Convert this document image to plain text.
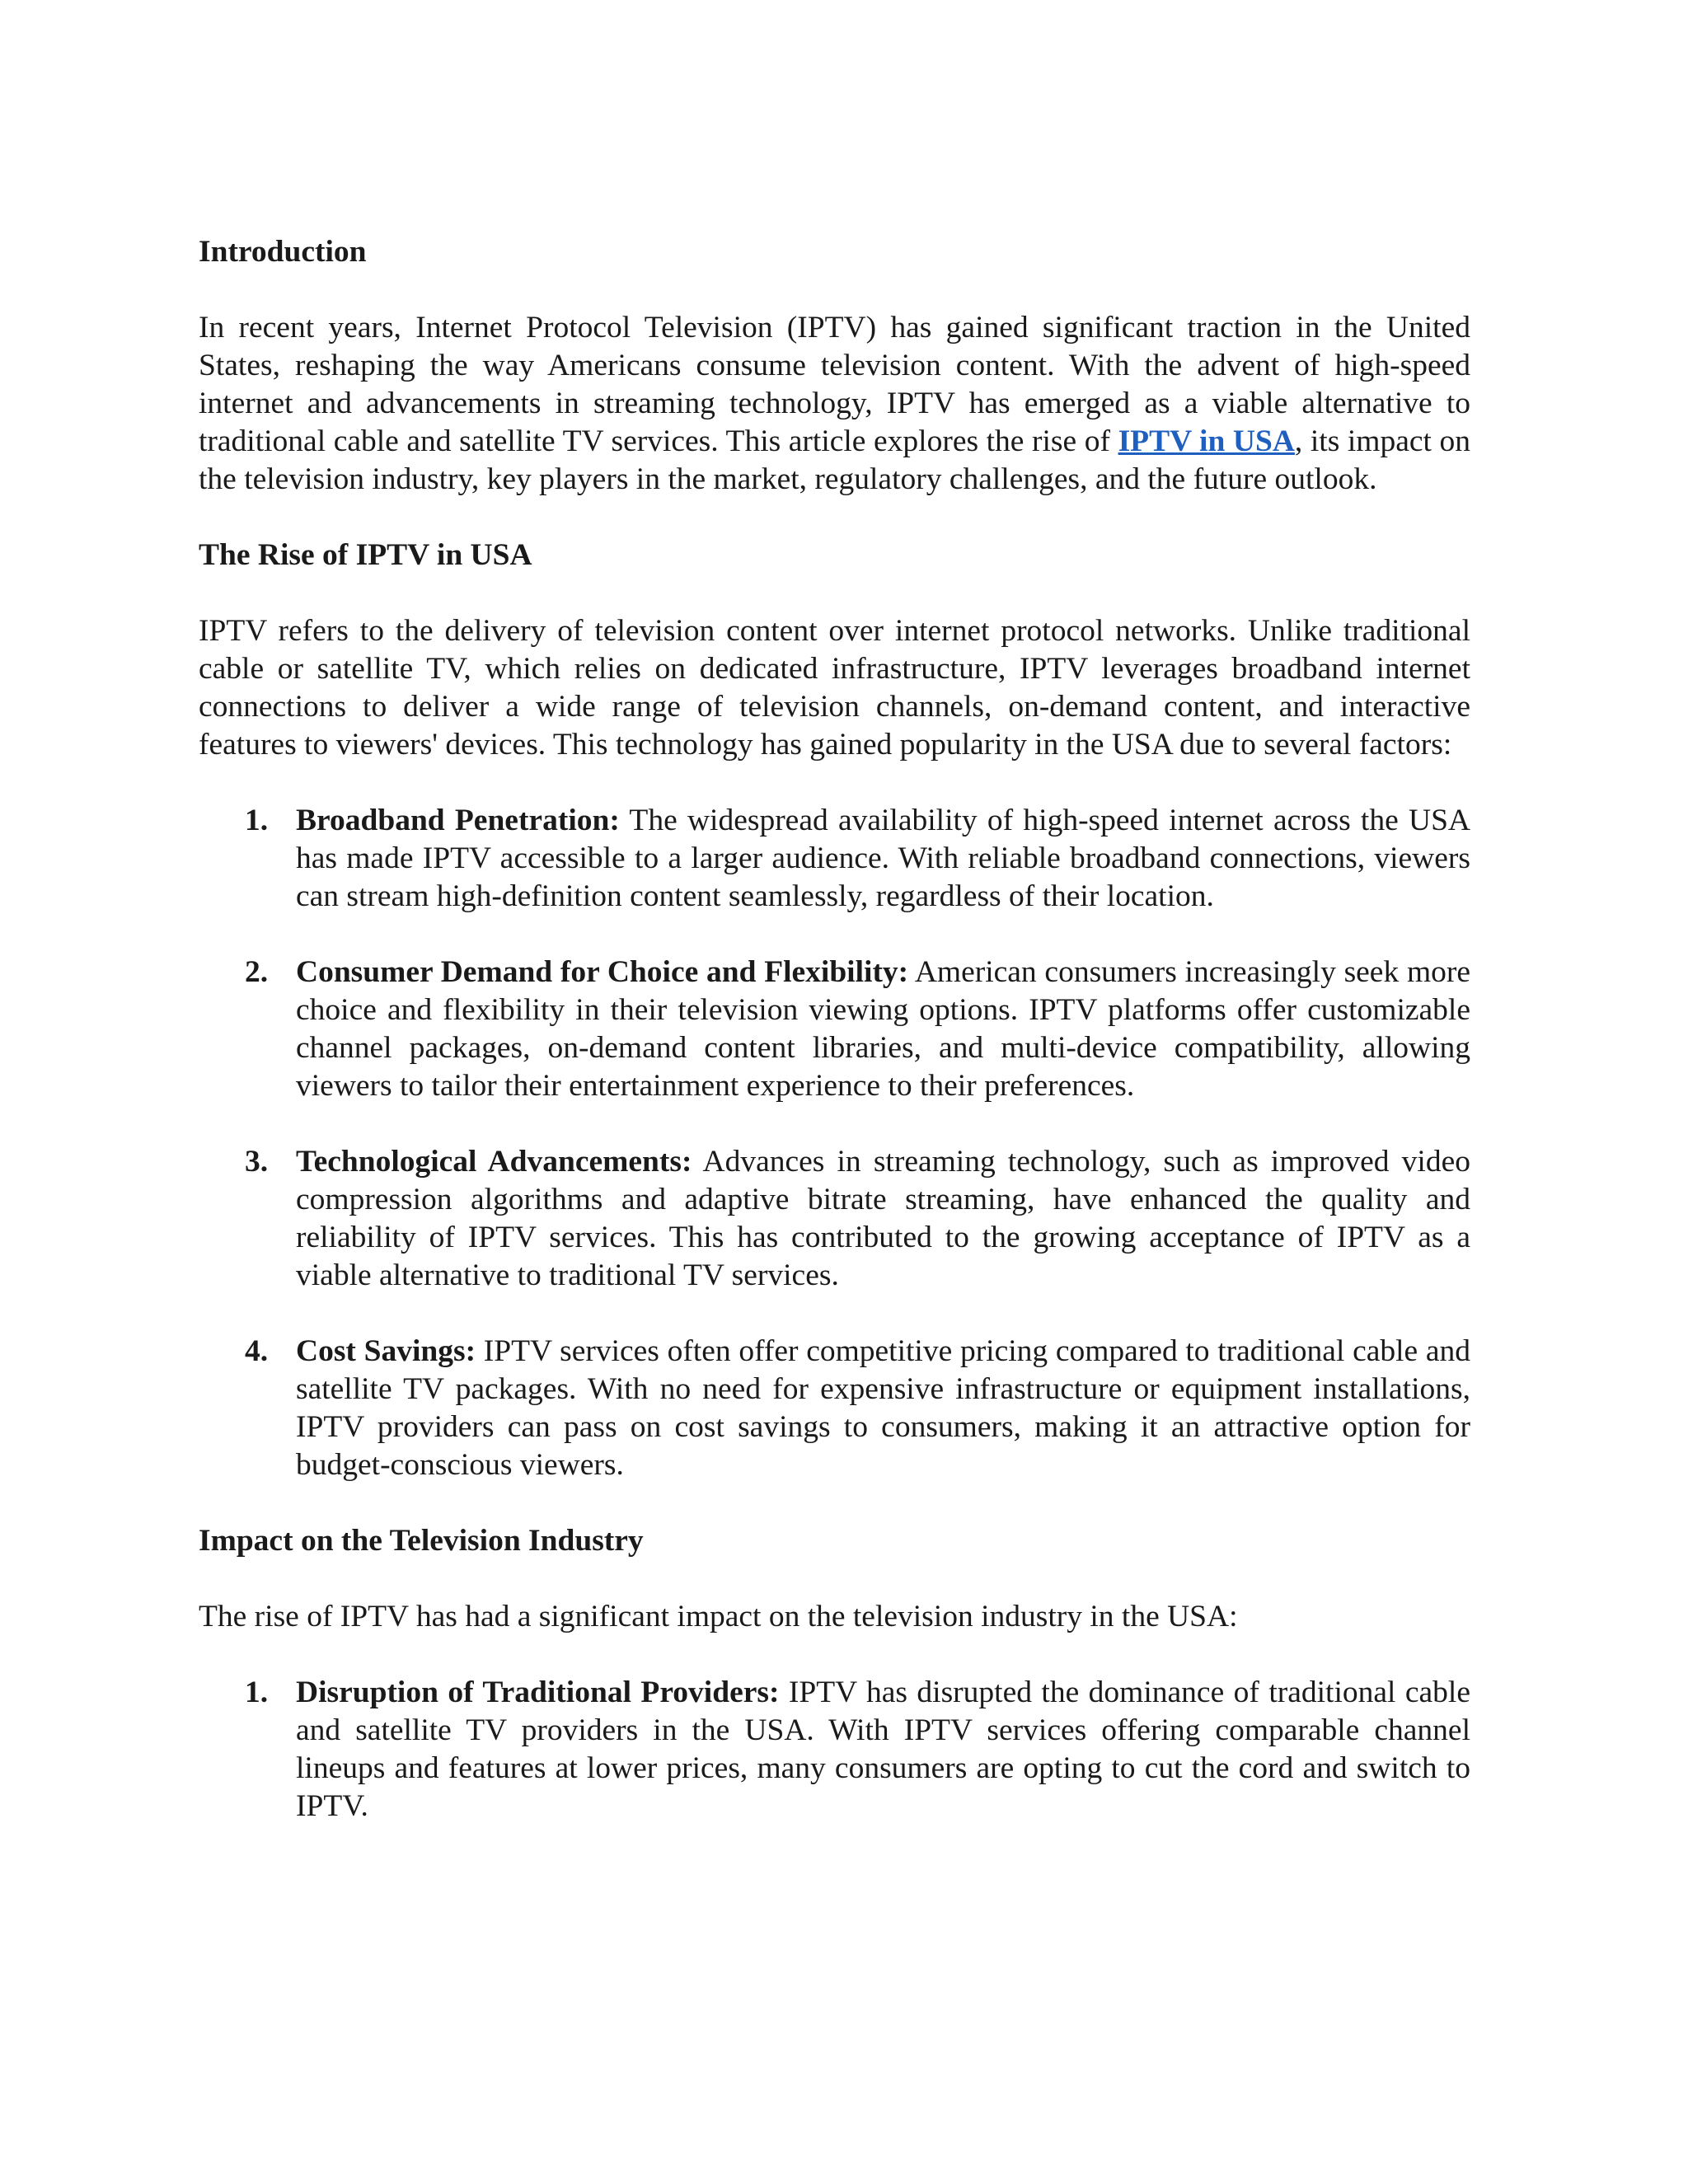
Introduction

In recent years, Internet Protocol Television (IPTV) has gained significant traction in the United States, reshaping the way Americans consume television content. With the advent of high-speed internet and advancements in streaming technology, IPTV has emerged as a viable alternative to traditional cable and satellite TV services. This article explores the rise of IPTV in USA, its impact on the television industry, key players in the market, regulatory challenges, and the future outlook.

The Rise of IPTV in USA

IPTV refers to the delivery of television content over internet protocol networks. Unlike traditional cable or satellite TV, which relies on dedicated infrastructure, IPTV leverages broadband internet connections to deliver a wide range of television channels, on-demand content, and interactive features to viewers' devices. This technology has gained popularity in the USA due to several factors:

1. Broadband Penetration: The widespread availability of high-speed internet across the USA has made IPTV accessible to a larger audience. With reliable broadband connections, viewers can stream high-definition content seamlessly, regardless of their location.
2. Consumer Demand for Choice and Flexibility: American consumers increasingly seek more choice and flexibility in their television viewing options. IPTV platforms offer customizable channel packages, on-demand content libraries, and multi-device compatibility, allowing viewers to tailor their entertainment experience to their preferences.
3. Technological Advancements: Advances in streaming technology, such as improved video compression algorithms and adaptive bitrate streaming, have enhanced the quality and reliability of IPTV services. This has contributed to the growing acceptance of IPTV as a viable alternative to traditional TV services.
4. Cost Savings: IPTV services often offer competitive pricing compared to traditional cable and satellite TV packages. With no need for expensive infrastructure or equipment installations, IPTV providers can pass on cost savings to consumers, making it an attractive option for budget-conscious viewers.
Impact on the Television Industry

The rise of IPTV has had a significant impact on the television industry in the USA:

1. Disruption of Traditional Providers: IPTV has disrupted the dominance of traditional cable and satellite TV providers in the USA. With IPTV services offering comparable channel lineups and features at lower prices, many consumers are opting to cut the cord and switch to IPTV.
